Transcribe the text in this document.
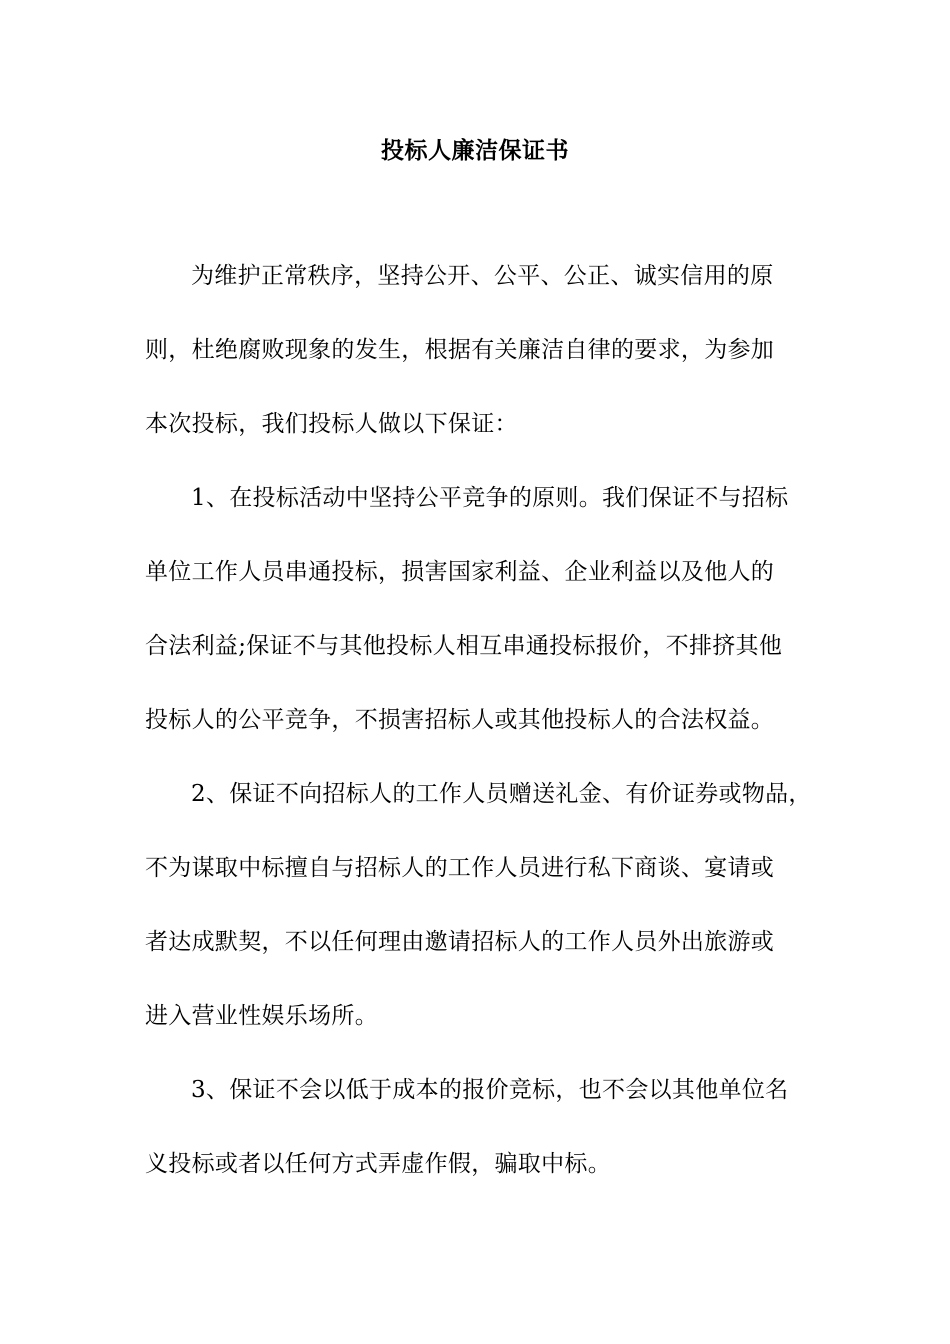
投标人廉洁保证书
为维护正常秩序，坚持公开、公平、公正、诚实信用的原
则，杜绝腐败现象的发生，根据有关廉洁自律的要求，为参加
本次投标，我们投标人做以下保证：
1、在投标活动中坚持公平竞争的原则。我们保证不与招标
单位工作人员串通投标，损害国家利益、企业利益以及他人的
合法利益;保证不与其他投标人相互串通投标报价，不排挤其他
投标人的公平竞争，不损害招标人或其他投标人的合法权益。
2、保证不向招标人的工作人员赠送礼金、有价证券或物品，
不为谋取中标擅自与招标人的工作人员进行私下商谈、宴请或
者达成默契，不以任何理由邀请招标人的工作人员外出旅游或
进入营业性娱乐场所。
3、保证不会以低于成本的报价竞标，也不会以其他单位名
义投标或者以任何方式弄虚作假，骗取中标。
